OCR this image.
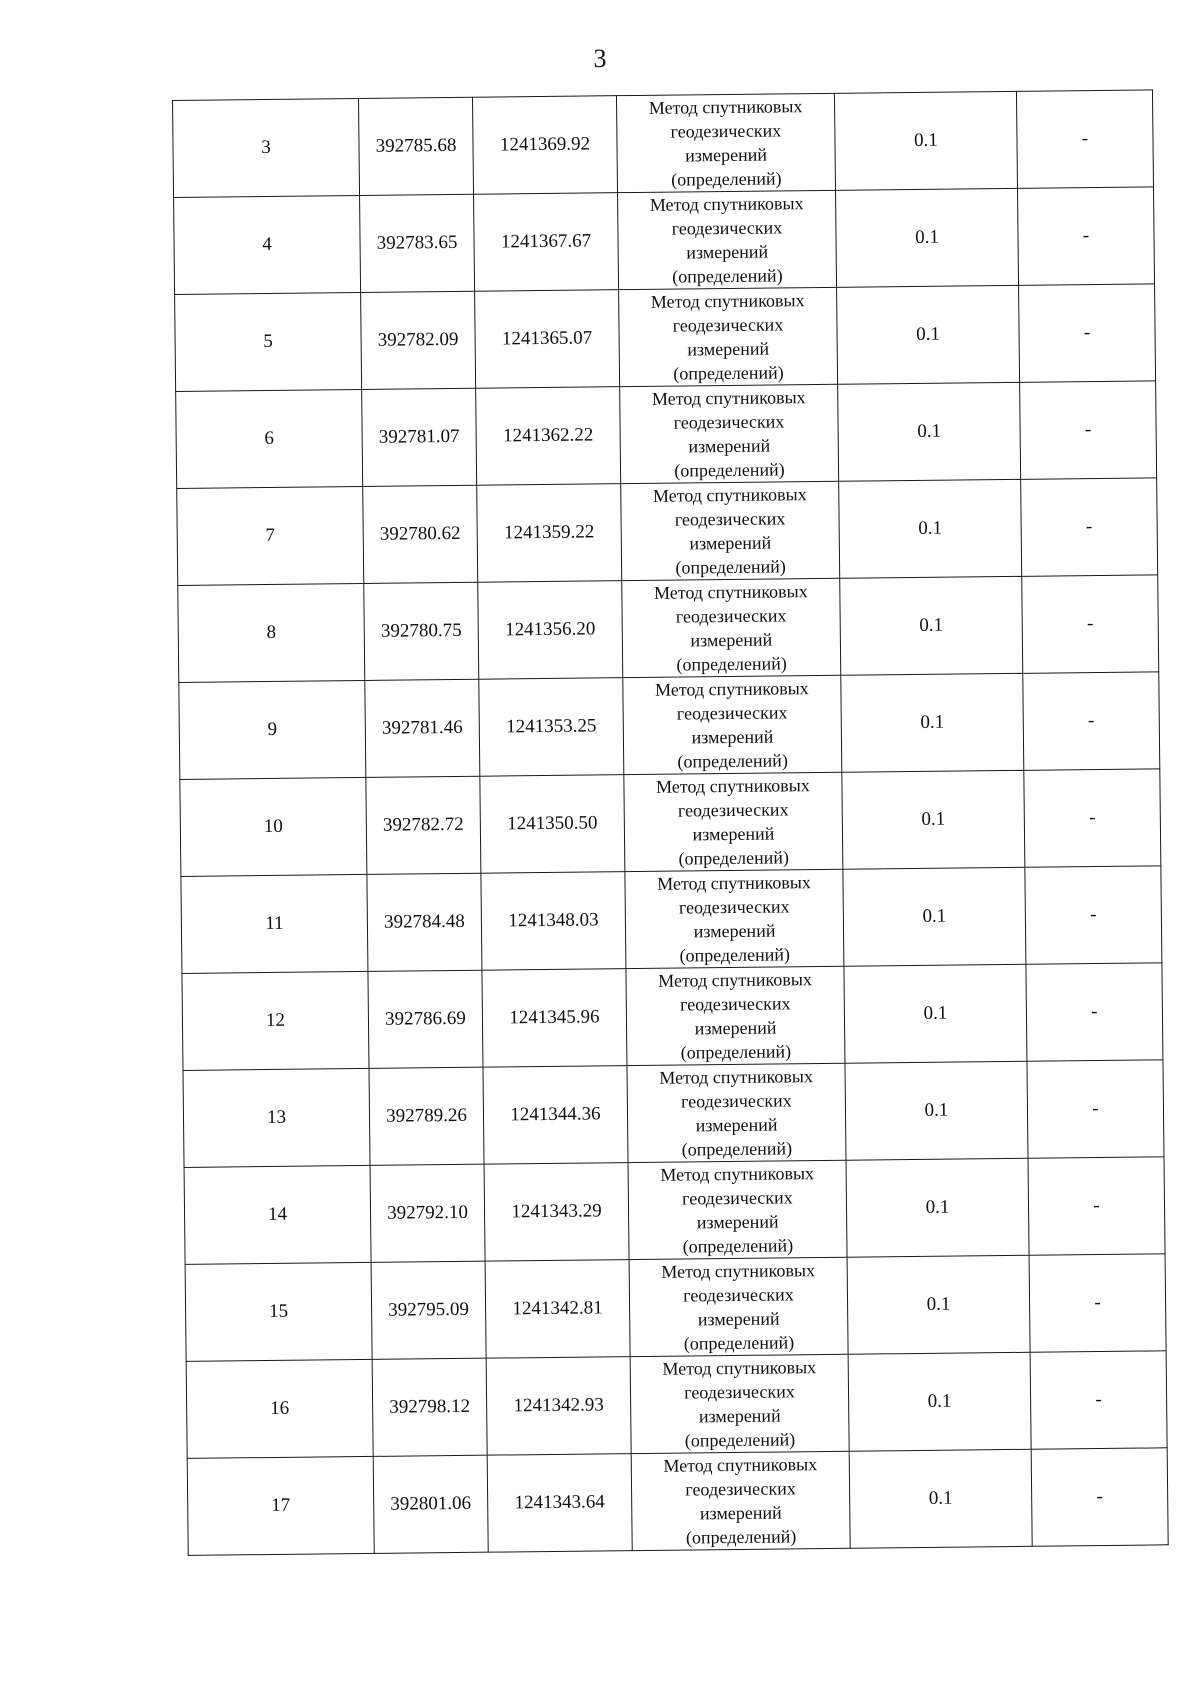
3
3	392785.68	1241369.92	Метод спутниковых
геодезических
измерений
(определений)	0.1	-
4	392783.65	1241367.67	Метод спутниковых
геодезических
измерений
(определений)	0.1	-
5	392782.09	1241365.07	Метод спутниковых
геодезических
измерений
(определений)	0.1	-
6	392781.07	1241362.22	Метод спутниковых
геодезических
измерений
(определений)	0.1	-
7	392780.62	1241359.22	Метод спутниковых
геодезических
измерений
(определений)	0.1	-
8	392780.75	1241356.20	Метод спутниковых
геодезических
измерений
(определений)	0.1	-
9	392781.46	1241353.25	Метод спутниковых
геодезических
измерений
(определений)	0.1	-
10	392782.72	1241350.50	Метод спутниковых
геодезических
измерений
(определений)	0.1	-
11	392784.48	1241348.03	Метод спутниковых
геодезических
измерений
(определений)	0.1	-
12	392786.69	1241345.96	Метод спутниковых
геодезических
измерений
(определений)	0.1	-
13	392789.26	1241344.36	Метод спутниковых
геодезических
измерений
(определений)	0.1	-
14	392792.10	1241343.29	Метод спутниковых
геодезических
измерений
(определений)	0.1	-
15	392795.09	1241342.81	Метод спутниковых
геодезических
измерений
(определений)	0.1	-
16	392798.12	1241342.93	Метод спутниковых
геодезических
измерений
(определений)	0.1	-
17	392801.06	1241343.64	Метод спутниковых
геодезических
измерений
(определений)	0.1	-
